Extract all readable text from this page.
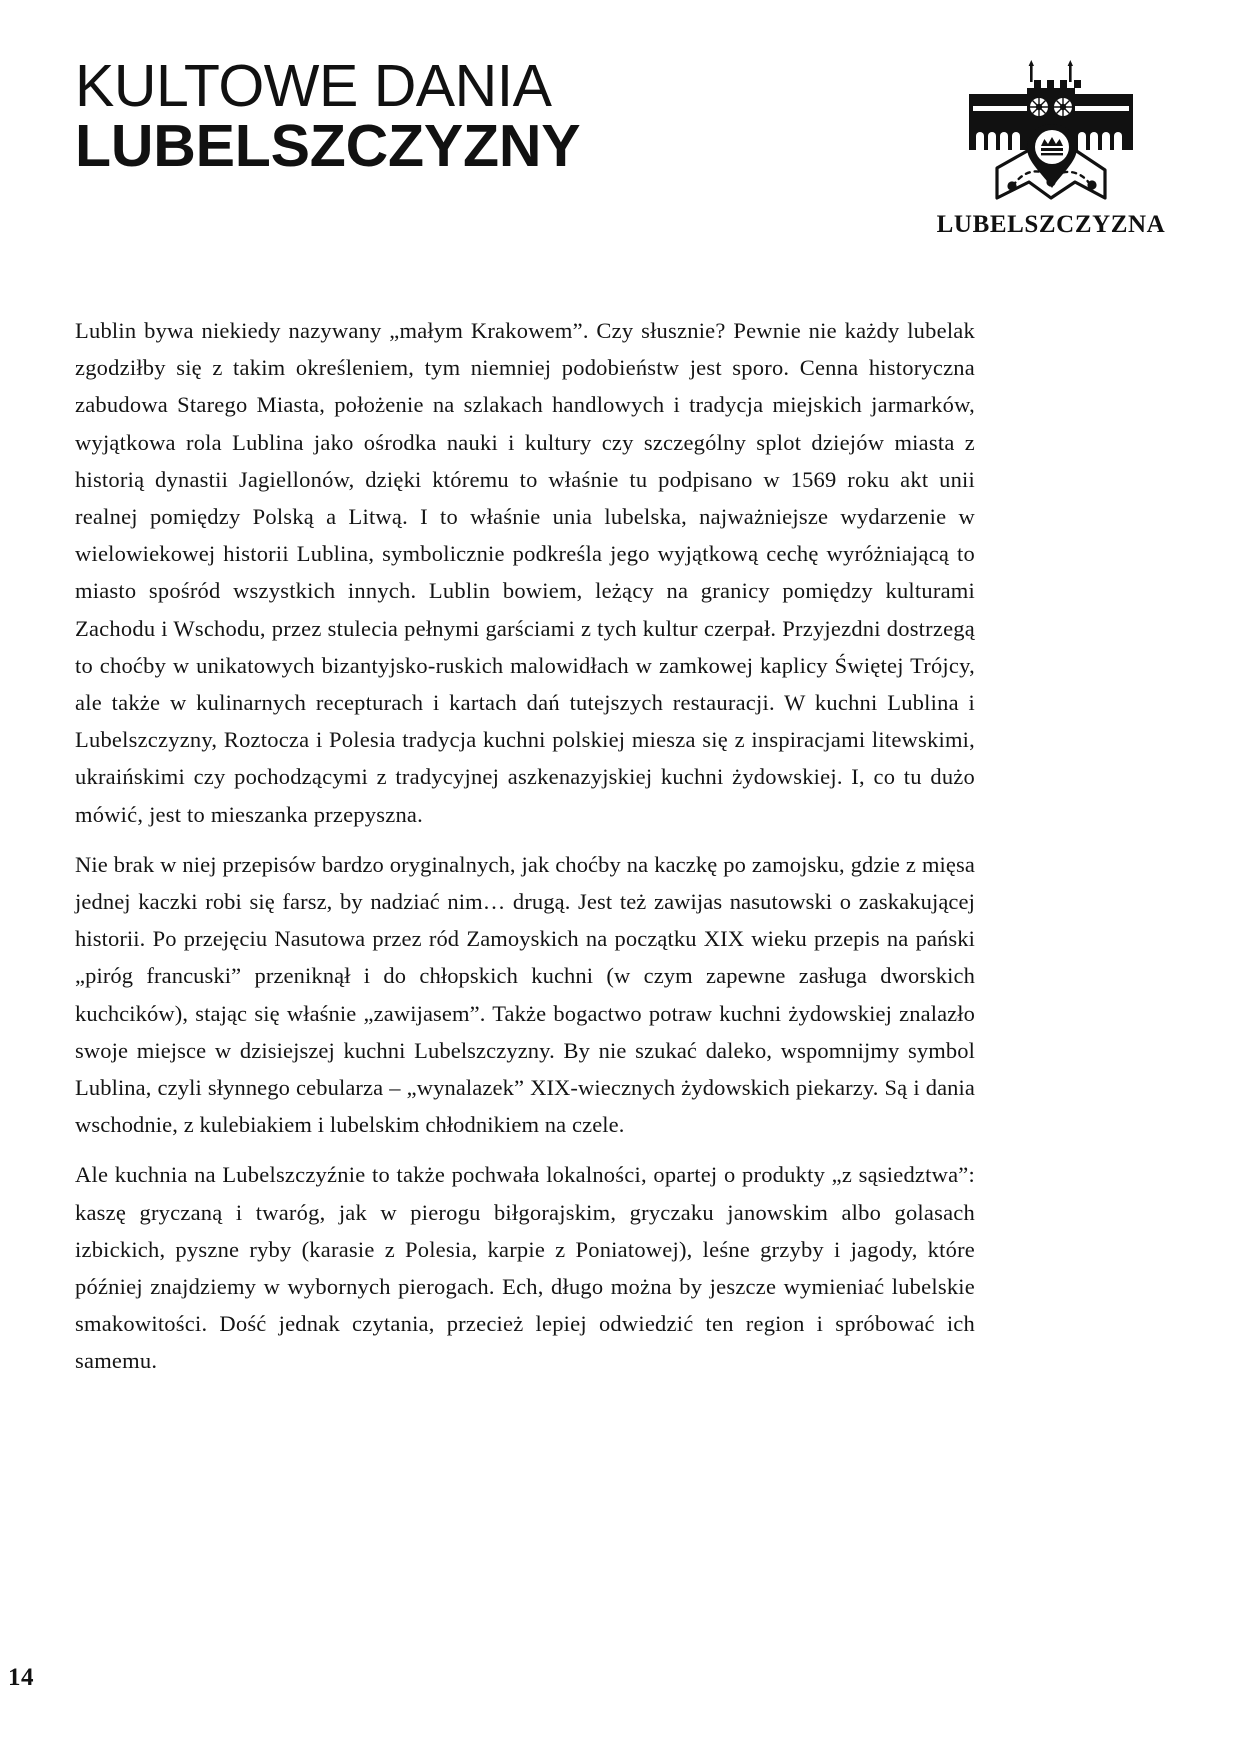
KULTOWE DANIA
LUBELSZCZYZNY
LUBELSZCZYZNA

Lublin bywa niekiedy nazywany „małym Krakowem”. Czy słusznie? Pewnie nie każdy lubelak zgodziłby się z takim określeniem, tym niemniej podobieństw jest sporo. Cenna historyczna zabudowa Starego Miasta, położenie na szlakach handlowych i tradycja miejskich jarmarków, wyjątkowa rola Lublina jako ośrodka nauki i kultury czy szczególny splot dziejów miasta z historią dynastii Jagiellonów, dzięki któremu to właśnie tu podpisano w 1569 roku akt unii realnej pomiędzy Polską a Litwą. I to właśnie unia lubelska, najważniejsze wydarzenie w wielowiekowej historii Lublina, symbolicznie podkreśla jego wyjątkową cechę wyróżniającą to miasto spośród wszystkich innych. Lublin bowiem, leżący na granicy pomiędzy kulturami Zachodu i Wschodu, przez stulecia pełnymi garściami z tych kultur czerpał. Przyjezdni dostrzegą to choćby w unikatowych bizantyjsko-ruskich malowidłach w zamkowej kaplicy Świętej Trójcy, ale także w kulinarnych recepturach i kartach dań tutejszych restauracji. W kuchni Lublina i Lubelszczyzny, Roztocza i Polesia tradycja kuchni polskiej miesza się z inspiracjami litewskimi, ukraińskimi czy pochodzącymi z tradycyjnej aszkenazyjskiej kuchni żydowskiej. I, co tu dużo mówić, jest to mieszanka przepyszna.

Nie brak w niej przepisów bardzo oryginalnych, jak choćby na kaczkę po zamojsku, gdzie z mięsa jednej kaczki robi się farsz, by nadziać nim… drugą. Jest też zawijas nasutowski o zaskakującej historii. Po przejęciu Nasutowa przez ród Zamoyskich na początku XIX wieku przepis na pański „piróg francuski” przeniknął i do chłopskich kuchni (w czym zapewne zasługa dworskich kuchcików), stając się właśnie „zawijasem”. Także bogactwo potraw kuchni żydowskiej znalazło swoje miejsce w dzisiejszej kuchni Lubelszczyzny. By nie szukać daleko, wspomnijmy symbol Lublina, czyli słynnego cebularza – „wynalazek” XIX-wiecznych żydowskich piekarzy. Są i dania wschodnie, z kulebiakiem i lubelskim chłodnikiem na czele.

Ale kuchnia na Lubelszczyźnie to także pochwała lokalności, opartej o produkty „z sąsiedztwa”: kaszę gryczaną i twaróg, jak w pierogu biłgorajskim, gryczaku janowskim albo golasach izbickich, pyszne ryby (karasie z Polesia, karpie z Poniatowej), leśne grzyby i jagody, które później znajdziemy w wybornych pierogach. Ech, długo można by jeszcze wymieniać lubelskie smakowitości. Dość jednak czytania, przecież lepiej odwiedzić ten region i spróbować ich samemu.

14
